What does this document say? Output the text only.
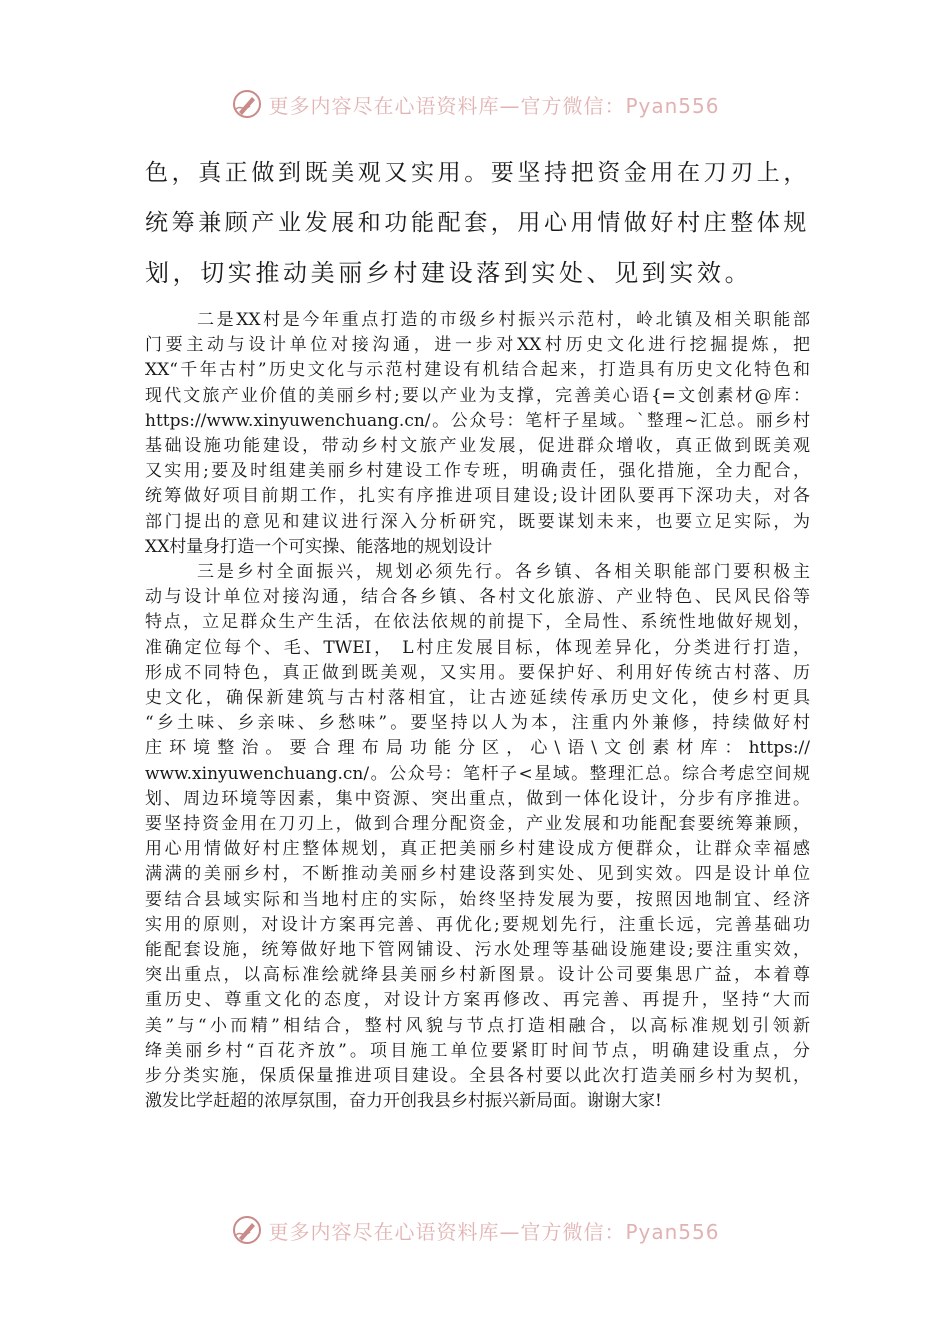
更多内容尽在心语资料库—官方微信：Pyan556

色，真正做到既美观又实用。要坚持把资金用在刀刃上，

统筹兼顾产业发展和功能配套，用心用情做好村庄整体规

划，切实推动美丽乡村建设落到实处、见到实效。

二是XX村是今年重点打造的市级乡村振兴示范村，岭北镇及相关职能部
门要主动与设计单位对接沟通，进一步对XX村历史文化进行挖掘提炼，把
XX“千年古村”历史文化与示范村建设有机结合起来，打造具有历史文化特色和
现代文旅产业价值的美丽乡村;要以产业为支撑，完善美心语{=文创素材@库：
https://www.xinyuwenchuang.cn/。公众号：笔杆子星域。`整理~汇总。丽乡村
基础设施功能建设，带动乡村文旅产业发展，促进群众增收，真正做到既美观
又实用;要及时组建美丽乡村建设工作专班，明确责任，强化措施，全力配合，
统筹做好项目前期工作，扎实有序推进项目建设;设计团队要再下深功夫，对各
部门提出的意见和建议进行深入分析研究，既要谋划未来，也要立足实际，为
XX村量身打造一个可实操、能落地的规划设计
三是乡村全面振兴，规划必须先行。各乡镇、各相关职能部门要积极主
动与设计单位对接沟通，结合各乡镇、各村文化旅游、产业特色、民风民俗等
特点，立足群众生产生活，在依法依规的前提下，全局性、系统性地做好规划，
准确定位每个、毛、TWEI， L村庄发展目标，体现差异化，分类进行打造，
形成不同特色，真正做到既美观，又实用。要保护好、利用好传统古村落、历
史文化，确保新建筑与古村落相宜，让古迹延续传承历史文化，使乡村更具
“乡土味、乡亲味、乡愁味”。要坚持以人为本，注重内外兼修，持续做好村
庄环境整治。要合理布局功能分区，心\语\文创素材库：https://
www.xinyuwenchuang.cn/。公众号：笔杆子<星域。整理汇总。综合考虑空间规
划、周边环境等因素，集中资源、突出重点，做到一体化设计，分步有序推进。
要坚持资金用在刀刃上，做到合理分配资金，产业发展和功能配套要统筹兼顾，
用心用情做好村庄整体规划，真正把美丽乡村建设成方便群众，让群众幸福感
满满的美丽乡村，不断推动美丽乡村建设落到实处、见到实效。四是设计单位
要结合县域实际和当地村庄的实际，始终坚持发展为要，按照因地制宜、经济
实用的原则，对设计方案再完善、再优化;要规划先行，注重长远，完善基础功
能配套设施，统筹做好地下管网铺设、污水处理等基础设施建设;要注重实效，
突出重点，以高标准绘就绛县美丽乡村新图景。设计公司要集思广益，本着尊
重历史、尊重文化的态度，对设计方案再修改、再完善、再提升，坚持“大而
美”与“小而精”相结合，整村风貌与节点打造相融合，以高标准规划引领新
绛美丽乡村“百花齐放”。项目施工单位要紧盯时间节点，明确建设重点，分
步分类实施，保质保量推进项目建设。全县各村要以此次打造美丽乡村为契机，
激发比学赶超的浓厚氛围，奋力开创我县乡村振兴新局面。谢谢大家!
更多内容尽在心语资料库—官方微信：Pyan556
